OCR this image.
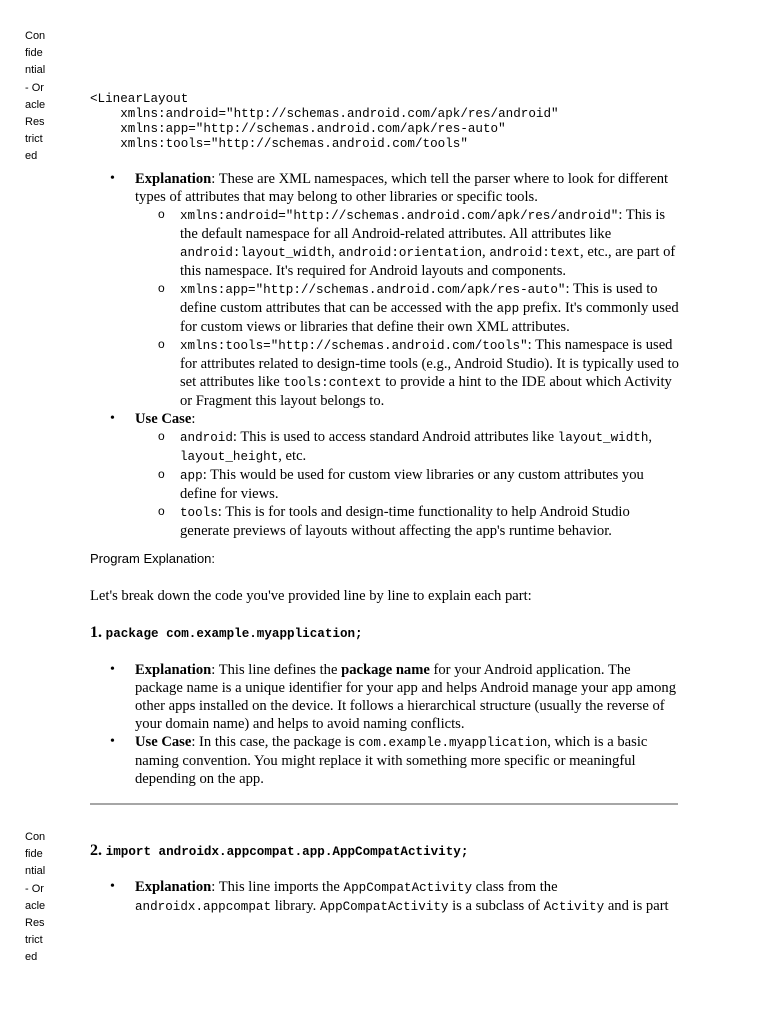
Confidential - Oracle Restricted
<LinearLayout
xmlns:android="http://schemas.android.com/apk/res/android"
xmlns:app="http://schemas.android.com/apk/res-auto"
xmlns:tools="http://schemas.android.com/tools"
• Explanation: These are XML namespaces, which tell the parser where to look for different types of attributes that may belong to other libraries or specific tools.
o xmlns:android="http://schemas.android.com/apk/res/android": This is the default namespace for all Android-related attributes. All attributes like android:layout_width, android:orientation, android:text, etc., are part of this namespace. It's required for Android layouts and components.
o xmlns:app="http://schemas.android.com/apk/res-auto": This is used to define custom attributes that can be accessed with the app prefix. It's commonly used for custom views or libraries that define their own XML attributes.
o xmlns:tools="http://schemas.android.com/tools": This namespace is used for attributes related to design-time tools (e.g., Android Studio). It is typically used to set attributes like tools:context to provide a hint to the IDE about which Activity or Fragment this layout belongs to.
• Use Case:
o android: This is used to access standard Android attributes like layout_width, layout_height, etc.
o app: This would be used for custom view libraries or any custom attributes you define for views.
o tools: This is for tools and design-time functionality to help Android Studio generate previews of layouts without affecting the app's runtime behavior.
Program Explanation:
Let's break down the code you've provided line by line to explain each part:
1. package com.example.myapplication;
• Explanation: This line defines the package name for your Android application. The package name is a unique identifier for your app and helps Android manage your app among other apps installed on the device. It follows a hierarchical structure (usually the reverse of your domain name) and helps to avoid naming conflicts.
• Use Case: In this case, the package is com.example.myapplication, which is a basic naming convention. You might replace it with something more specific or meaningful depending on the app.
Confidential - Oracle Restricted
2. import androidx.appcompat.app.AppCompatActivity;
• Explanation: This line imports the AppCompatActivity class from the androidx.appcompat library. AppCompatActivity is a subclass of Activity and is part
